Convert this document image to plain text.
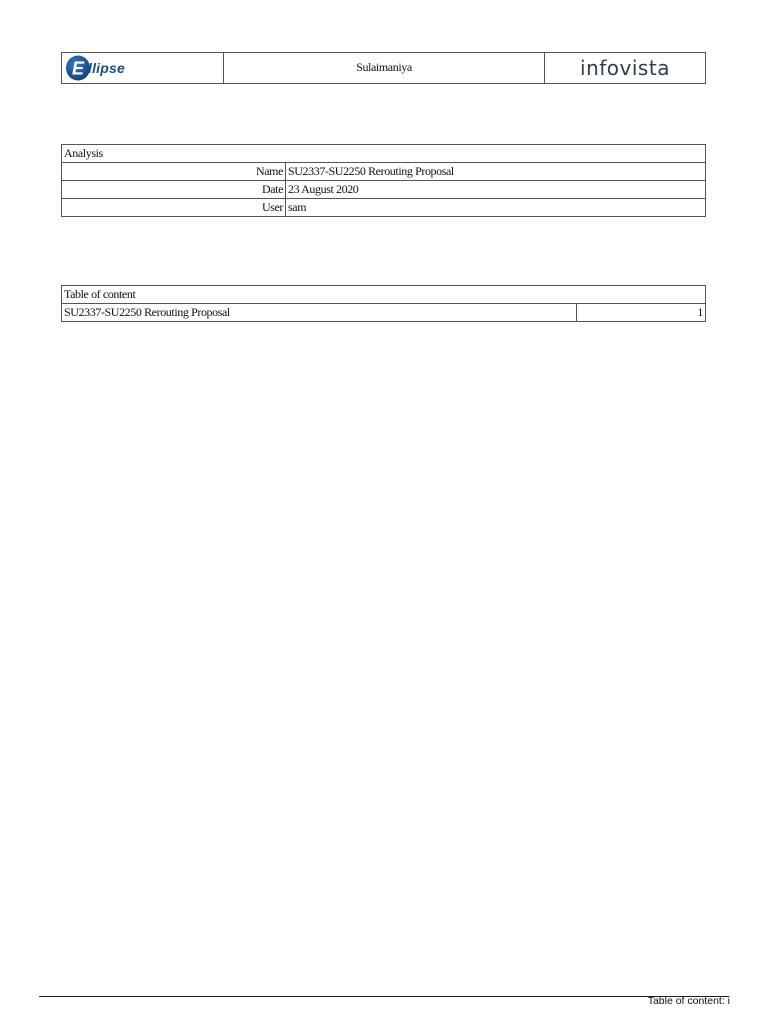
E llipse	Sulaimaniya	infovista
Analysis	
Name	SU2337-SU2250 Rerouting Proposal
Date	23 August 2020
User	sam
Table of content
SU2337-SU2250 Rerouting Proposal	1
Table of content: i
